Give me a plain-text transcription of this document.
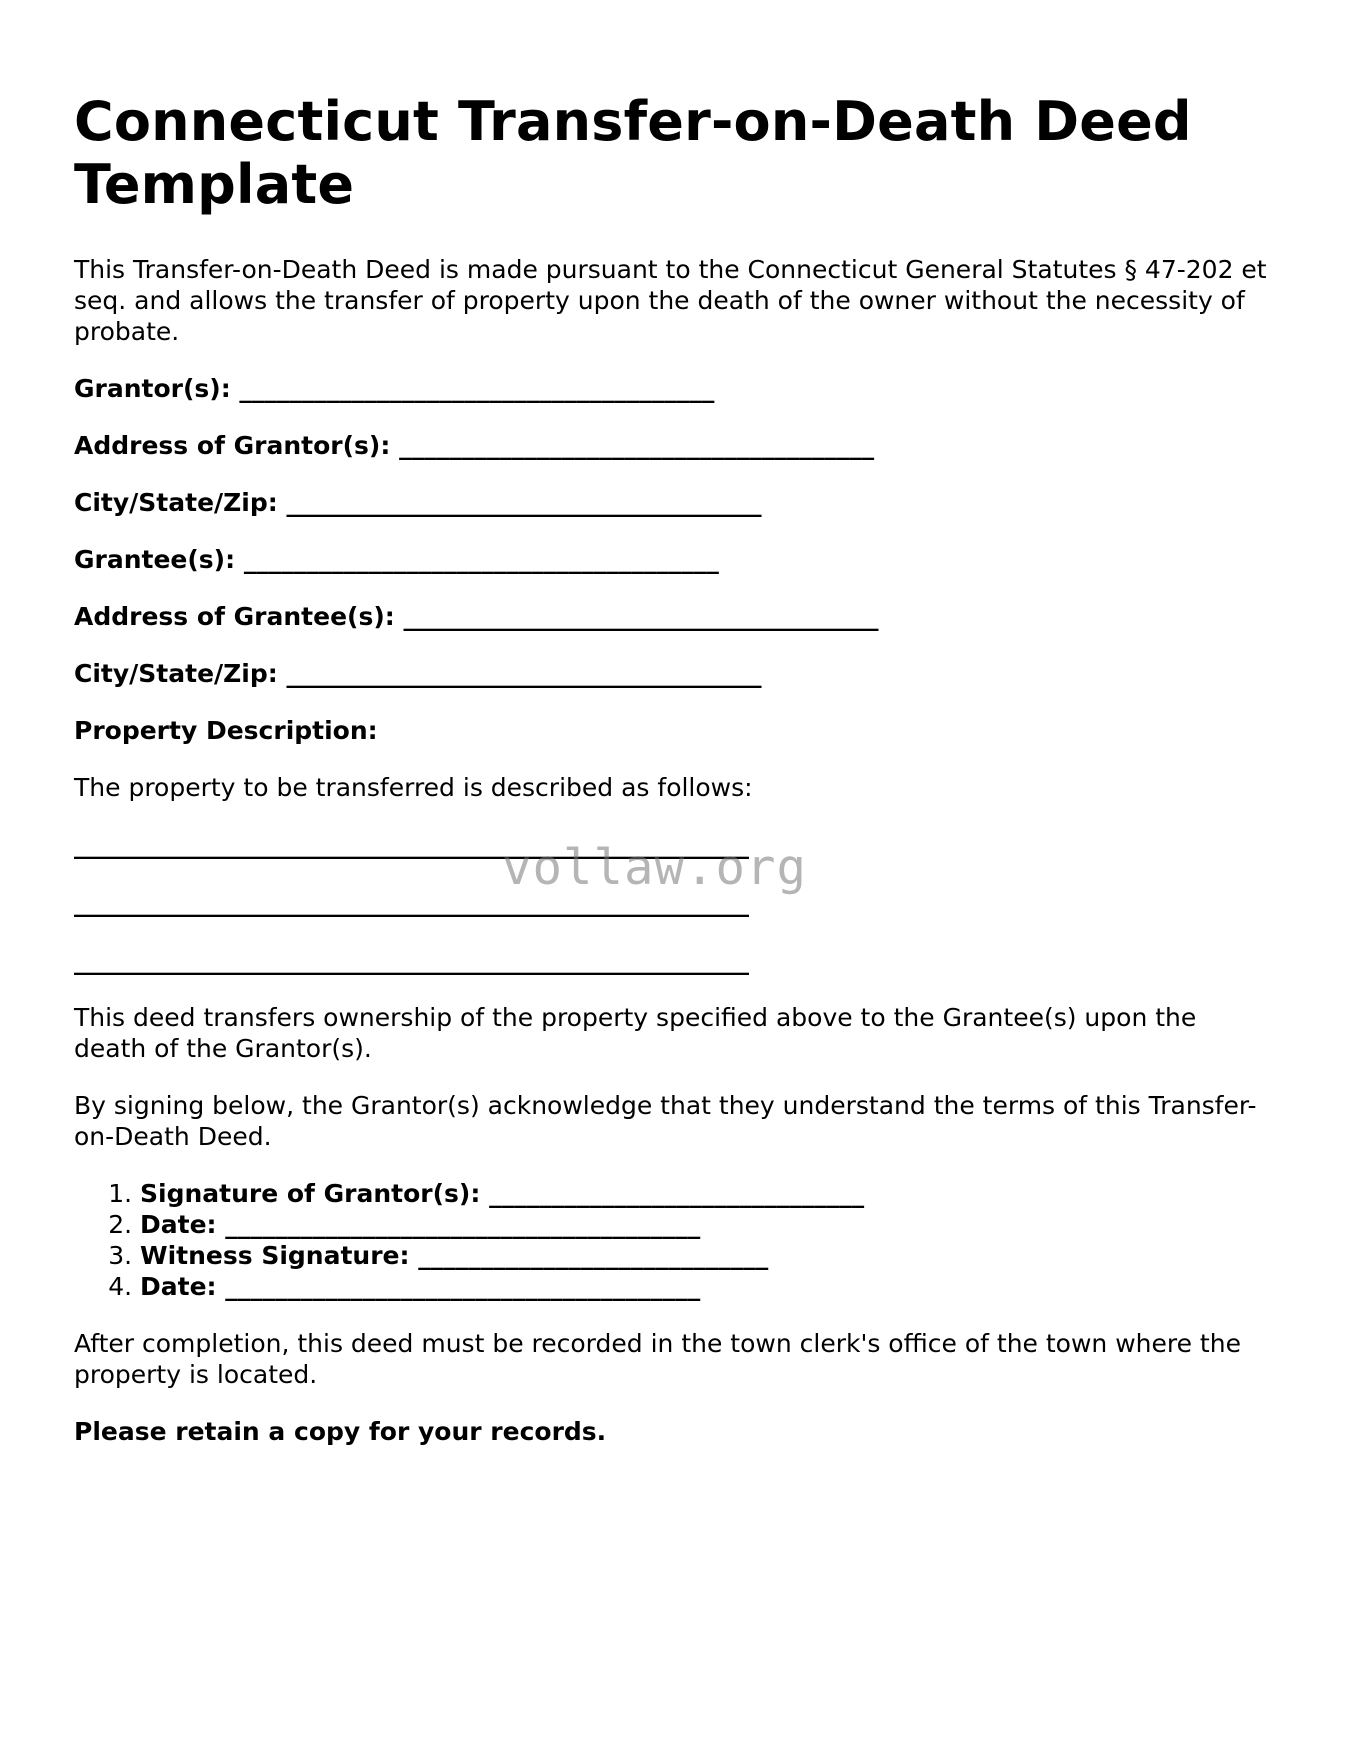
Connecticut Transfer-on-Death Deed Template

This Transfer-on-Death Deed is made pursuant to the Connecticut General Statutes § 47-202 et seq. and allows the transfer of property upon the death of the owner without the necessity of probate.

Grantor(s): ______________________________________
Address of Grantor(s): ______________________________________
City/State/Zip: ______________________________________
Grantee(s): ______________________________________
Address of Grantee(s): ______________________________________
City/State/Zip: ______________________________________

Property Description:

The property to be transferred is described as follows:

______________________________________________________
______________________________________________________
______________________________________________________

This deed transfers ownership of the property specified above to the Grantee(s) upon the death of the Grantor(s).

By signing below, the Grantor(s) acknowledge that they understand the terms of this Transfer-on-Death Deed.

1. Signature of Grantor(s): ______________________________
2. Date: ______________________________________
3. Witness Signature: ____________________________
4. Date: ______________________________________

After completion, this deed must be recorded in the town clerk's office of the town where the property is located.

Please retain a copy for your records.

vollaw.org
